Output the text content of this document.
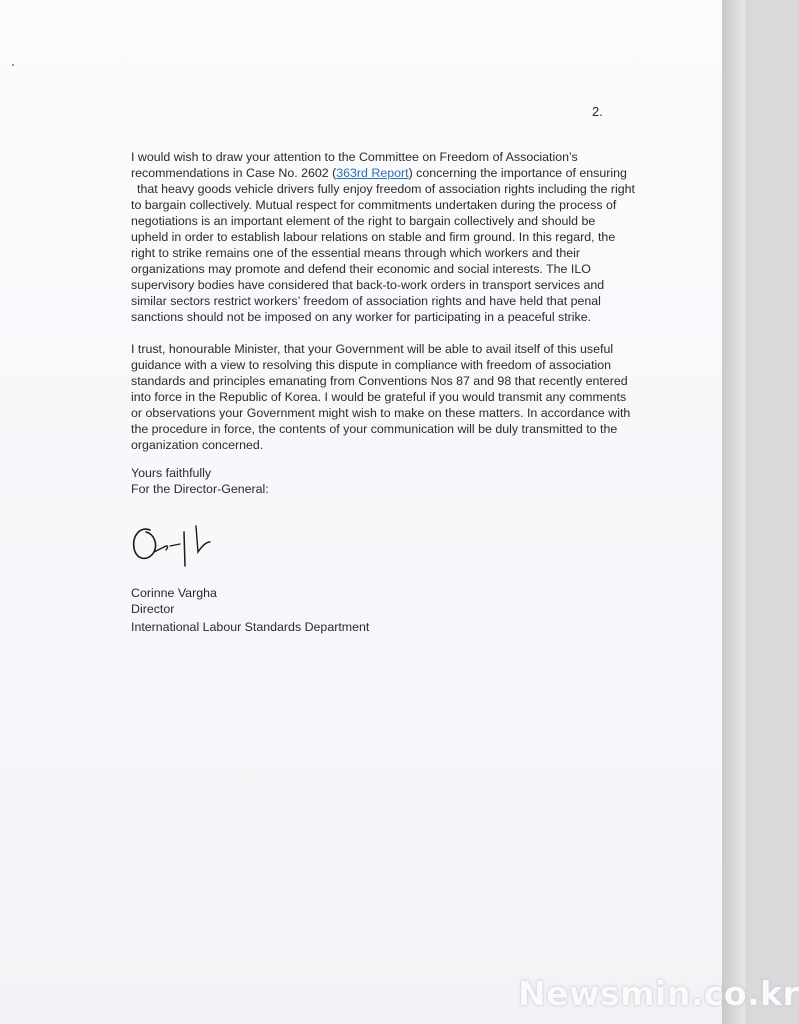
2.

I would wish to draw your attention to the Committee on Freedom of Association’s
recommendations in Case No. 2602 (363rd Report) concerning the importance of ensuring
that heavy goods vehicle drivers fully enjoy freedom of association rights including the right
to bargain collectively. Mutual respect for commitments undertaken during the process of
negotiations is an important element of the right to bargain collectively and should be
upheld in order to establish labour relations on stable and firm ground. In this regard, the
right to strike remains one of the essential means through which workers and their
organizations may promote and defend their economic and social interests. The ILO
supervisory bodies have considered that back-to-work orders in transport services and
similar sectors restrict workers’ freedom of association rights and have held that penal
sanctions should not be imposed on any worker for participating in a peaceful strike.

I trust, honourable Minister, that your Government will be able to avail itself of this useful
guidance with a view to resolving this dispute in compliance with freedom of association
standards and principles emanating from Conventions Nos 87 and 98 that recently entered
into force in the Republic of Korea. I would be grateful if you would transmit any comments
or observations your Government might wish to make on these matters. In accordance with
the procedure in force, the contents of your communication will be duly transmitted to the
organization concerned.

Yours faithfully
For the Director-General:
Corinne Vargha
Director
International Labour Standards Department
Newsmin.co.kr
